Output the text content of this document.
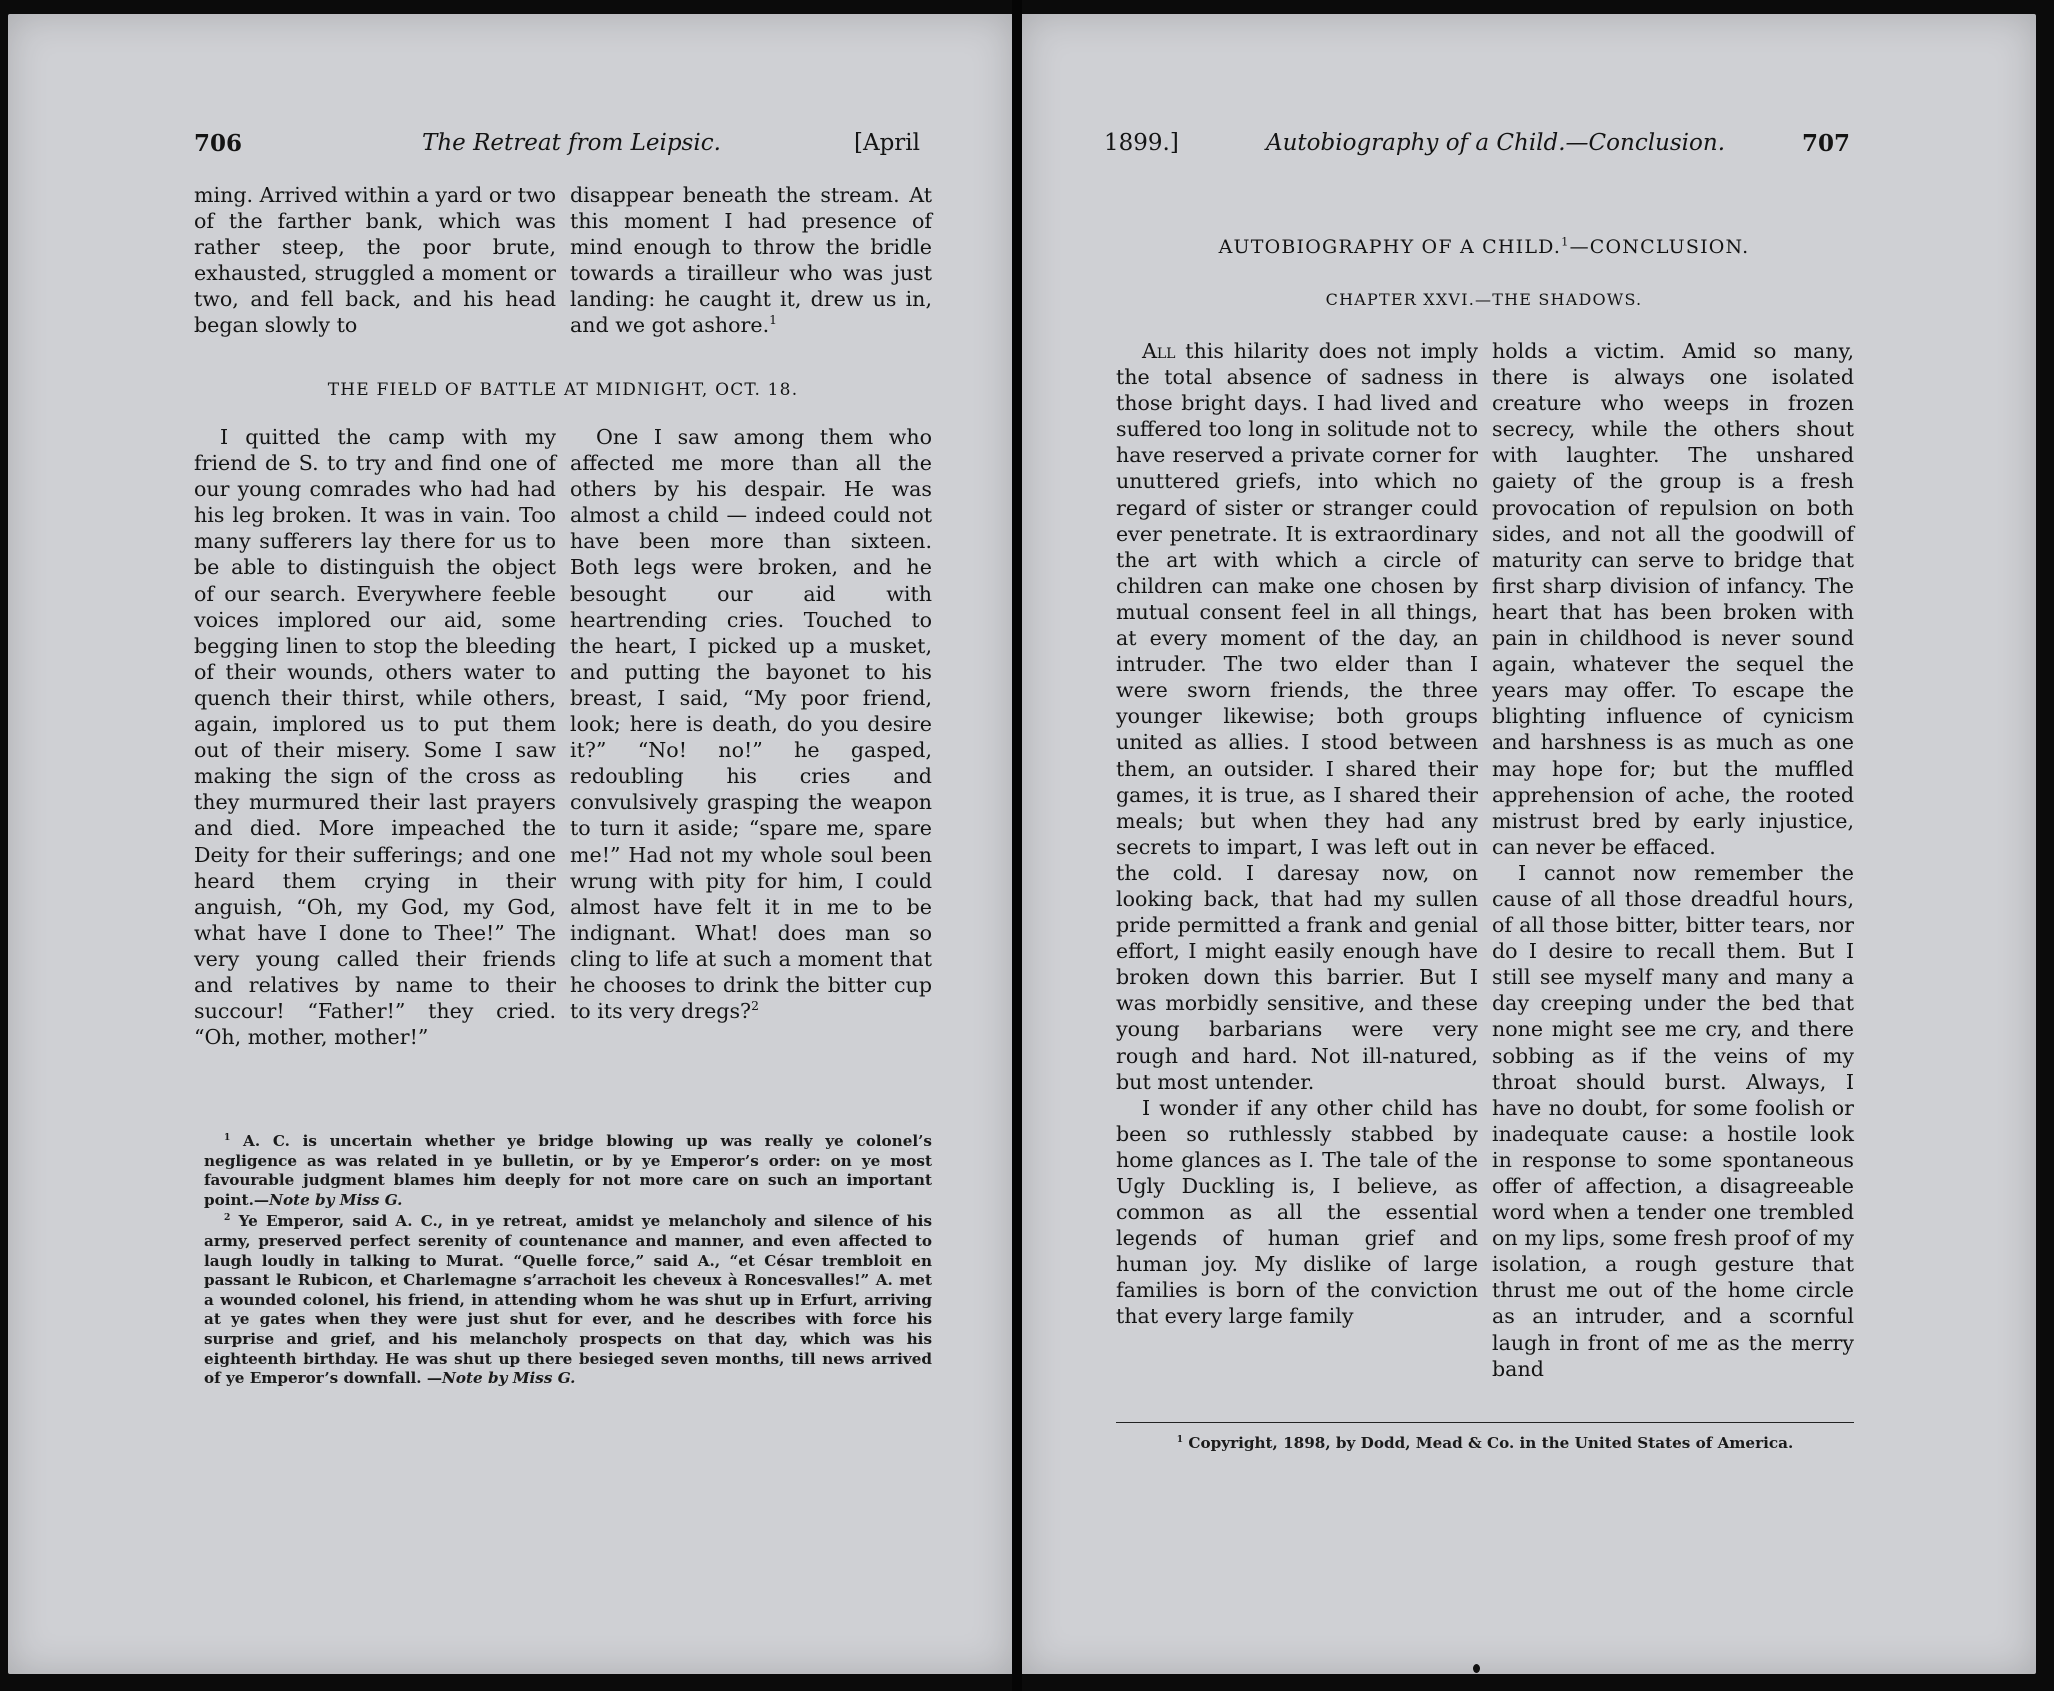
706	The Retreat from Leipsic.	[April

ming. Arrived within a yard or two of the farther bank, which was rather steep, the poor brute, exhausted, struggled a moment or two, and fell back, and his head began slowly to

disappear beneath the stream. At this moment I had presence of mind enough to throw the bridle towards a tirailleur who was just landing: he caught it, drew us in, and we got ashore.$^1$

THE FIELD OF BATTLE AT MIDNIGHT, OCT. 18.

I quitted the camp with my friend de S. to try and find one of our young comrades who had had his leg broken. It was in vain. Too many sufferers lay there for us to be able to distinguish the object of our search. Everywhere feeble voices implored our aid, some begging linen to stop the bleeding of their wounds, others water to quench their thirst, while others, again, implored us to put them out of their misery. Some I saw making the sign of the cross as they murmured their last prayers and died. More impeached the Deity for their sufferings; and one heard them crying in their anguish, “Oh, my God, my God, what have I done to Thee!” The very young called their friends and relatives by name to their succour! “Father!” they cried. “Oh, mother, mother!”

One I saw among them who affected me more than all the others by his despair. He was almost a child — indeed could not have been more than sixteen. Both legs were broken, and he besought our aid with heartrending cries. Touched to the heart, I picked up a musket, and putting the bayonet to his breast, I said, “My poor friend, look; here is death, do you desire it?” “No! no!” he gasped, redoubling his cries and convulsively grasping the weapon to turn it aside; “spare me, spare me!” Had not my whole soul been wrung with pity for him, I could almost have felt it in me to be indignant. What! does man so cling to life at such a moment that he chooses to drink the bitter cup to its very dregs?$^2$

$^1$ A. C. is uncertain whether ye bridge blowing up was really ye colonel’s negligence as was related in ye bulletin, or by ye Emperor’s order: on ye most favourable judgment blames him deeply for not more care on such an important point.—Note by Miss G.

$^2$ Ye Emperor, said A. C., in ye retreat, amidst ye melancholy and silence of his army, preserved perfect serenity of countenance and manner, and even affected to laugh loudly in talking to Murat. “Quelle force,” said A., “et César trembloit en passant le Rubicon, et Charlemagne s’arrachoit les cheveux à Roncesvalles!” A. met a wounded colonel, his friend, in attending whom he was shut up in Erfurt, arriving at ye gates when they were just shut for ever, and he describes with force his surprise and grief, and his melancholy prospects on that day, which was his eighteenth birthday. He was shut up there besieged seven months, till news arrived of ye Emperor’s downfall. —Note by Miss G.

1899.]	Autobiography of a Child.—Conclusion.	707
AUTOBIOGRAPHY OF A CHILD.$^1$—CONCLUSION.
CHAPTER XXVI.—THE SHADOWS.

All this hilarity does not imply the total absence of sadness in those bright days. I had lived and suffered too long in solitude not to have reserved a private corner for unuttered griefs, into which no regard of sister or stranger could ever penetrate. It is extraordinary the art with which a circle of children can make one chosen by mutual consent feel in all things, at every moment of the day, an intruder. The two elder than I were sworn friends, the three younger likewise; both groups united as allies. I stood between them, an outsider. I shared their games, it is true, as I shared their meals; but when they had any secrets to impart, I was left out in the cold. I daresay now, on looking back, that had my sullen pride permitted a frank and genial effort, I might easily enough have broken down this barrier. But I was morbidly sensitive, and these young barbarians were very rough and hard. Not ill-natured, but most untender.

I wonder if any other child has been so ruthlessly stabbed by home glances as I. The tale of the Ugly Duckling is, I believe, as common as all the essential legends of human grief and human joy. My dislike of large families is born of the conviction that every large family

holds a victim. Amid so many, there is always one isolated creature who weeps in frozen secrecy, while the others shout with laughter. The unshared gaiety of the group is a fresh provocation of repulsion on both sides, and not all the goodwill of maturity can serve to bridge that first sharp division of infancy. The heart that has been broken with pain in childhood is never sound again, whatever the sequel the years may offer. To escape the blighting influence of cynicism and harshness is as much as one may hope for; but the muffled apprehension of ache, the rooted mistrust bred by early injustice, can never be effaced.

I cannot now remember the cause of all those dreadful hours, of all those bitter, bitter tears, nor do I desire to recall them. But I still see myself many and many a day creeping under the bed that none might see me cry, and there sobbing as if the veins of my throat should burst. Always, I have no doubt, for some foolish or inadequate cause: a hostile look in response to some spontaneous offer of affection, a disagreeable word when a tender one trembled on my lips, some fresh proof of my isolation, a rough gesture that thrust me out of the home circle as an intruder, and a scornful laugh in front of me as the merry band

$^1$ Copyright, 1898, by Dodd, Mead & Co. in the United States of America.
